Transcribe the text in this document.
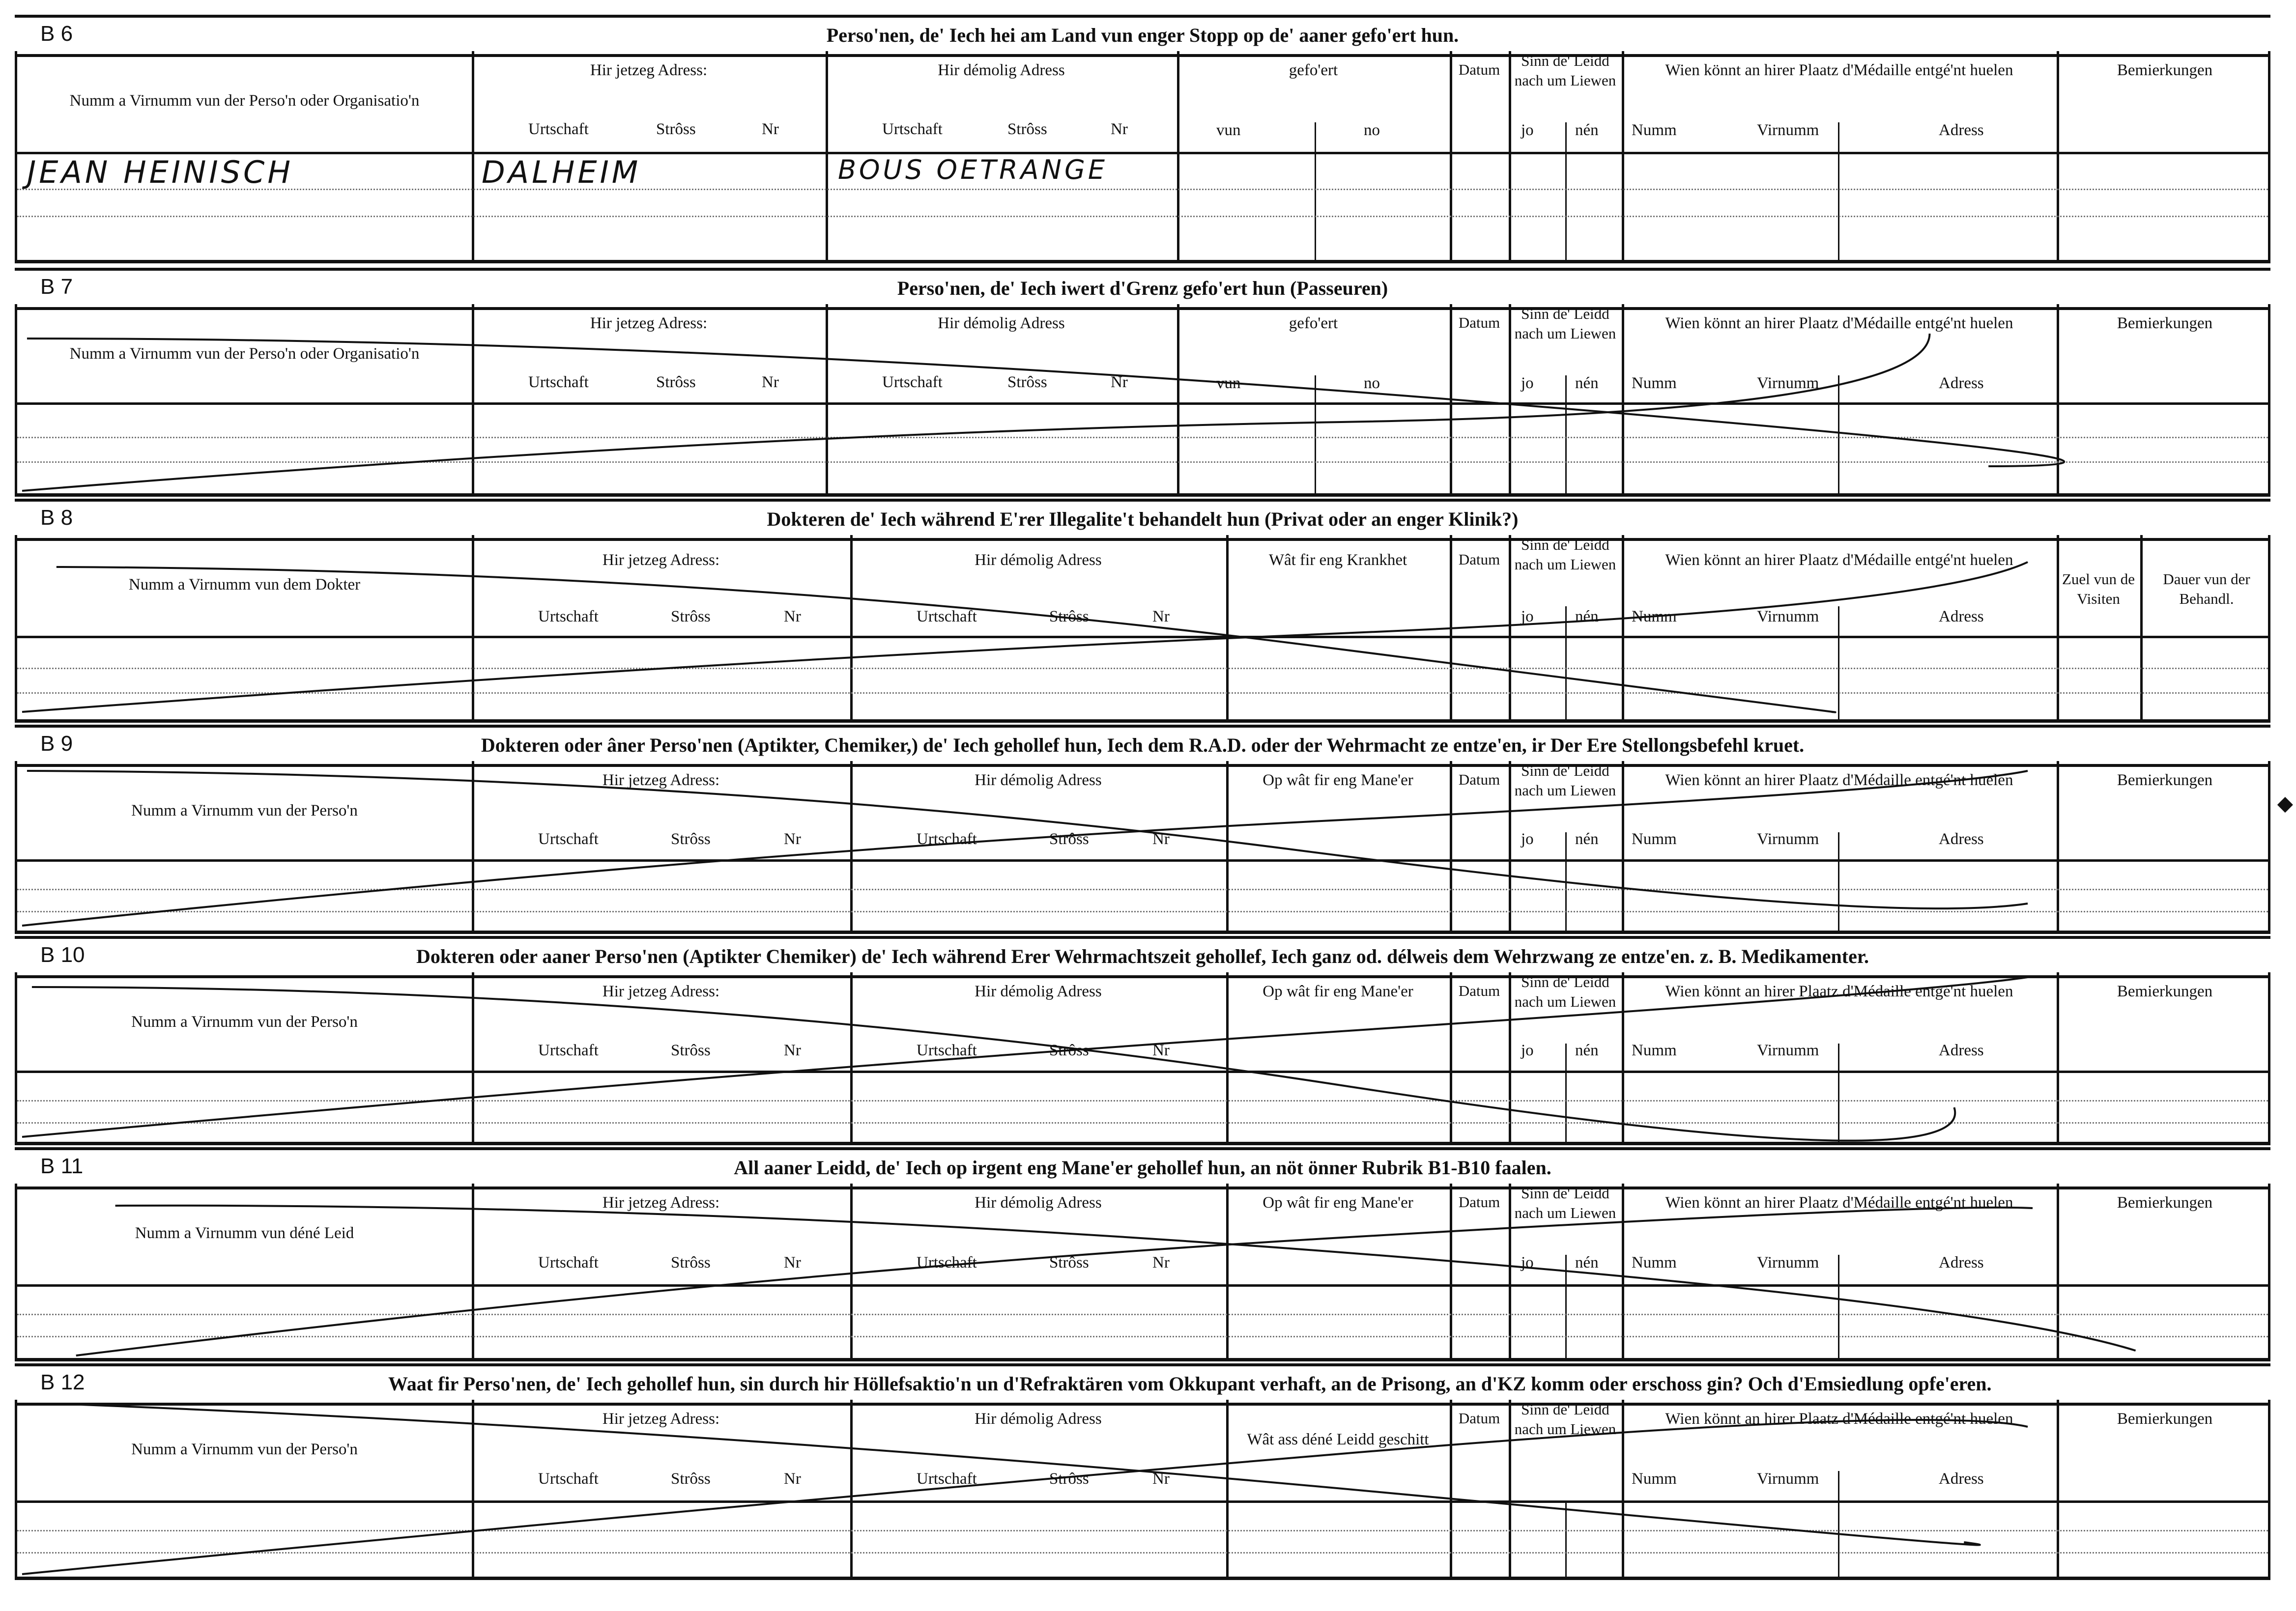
B 6	Perso'nen, de' Iech hei am Land vun enger Stopp op de' aaner gefo'ert hun.
Numm a Virnumm vun der Perso'n oder Organisatio'n
Hir jetzeg Adress:
Urtschaft	Strôss	Nr
Hir démolig Adress
Urtschaft	Strôss	Nr
gefo'ert
vun	no
Datum
Sinn de' Leidd nach um Liewen
jo	nén
Wien könnt an hirer Plaatz d'Médaille entgé'nt huelen
Numm	Virnumm	Adress
Bemierkungen
JEAN HEINISCH	DALHEIM	BOUS OETRANGE
B 7	Perso'nen, de' Iech iwert d'Grenz gefo'ert hun (Passeuren)
Numm a Virnumm vun der Perso'n oder Organisatio'n
Hir jetzeg Adress:
Urtschaft	Strôss	Nr
Hir démolig Adress
Urtschaft	Strôss	Nr
gefo'ert
vun	no
Datum
Sinn de' Leidd nach um Liewen
jo	nén
Wien könnt an hirer Plaatz d'Médaille entgé'nt huelen
Numm	Virnumm	Adress
Bemierkungen
B 8	Dokteren de' Iech während E'rer Illegalite't behandelt hun (Privat oder an enger Klinik?)
Numm a Virnumm vun dem Dokter
Hir jetzeg Adress:
Urtschaft	Strôss	Nr
Hir démolig Adress
Urtschaft	Strôss	Nr
Wât fir eng Krankhet	Datum
Sinn de' Leidd nach um Liewen
jo	nén
Wien könnt an hirer Plaatz d'Médaille entgé'nt huelen
Numm	Virnumm	Adress
Zuel vun de Visiten
Dauer vun der Behandl.
B 9	Dokteren oder âner Perso'nen (Aptikter, Chemiker,) de' Iech gehollef hun, Iech dem R.A.D. oder der Wehrmacht ze entze'en, ir Der Ere Stellongsbefehl kruet.
Numm a Virnumm vun der Perso'n
Hir jetzeg Adress:
Urtschaft	Strôss	Nr
Hir démolig Adress
Urtschaft	Strôss	Nr
Op wât fir eng Mane'er	Datum
Sinn de' Leidd nach um Liewen
jo	nén
Wien könnt an hirer Plaatz d'Médaille entgé'nt huelen
Numm	Virnumm	Adress
Bemierkungen
B 10	Dokteren oder aaner Perso'nen (Aptikter Chemiker) de' Iech während Erer Wehrmachtszeit gehollef, Iech ganz od. délweis dem Wehrzwang ze entze'en. z. B. Medikamenter.
Numm a Virnumm vun der Perso'n
Hir jetzeg Adress:
Urtschaft	Strôss	Nr
Hir démolig Adress
Urtschaft	Strôss	Nr
Op wât fir eng Mane'er	Datum
Sinn de' Leidd nach um Liewen
jo	nén
Wien könnt an hirer Plaatz d'Médaille entgé'nt huelen
Numm	Virnumm	Adress
Bemierkungen
B 11	All aaner Leidd, de' Iech op irgent eng Mane'er gehollef hun, an nöt önner Rubrik B1-B10 faalen.
Numm a Virnumm vun déné Leid
Hir jetzeg Adress:
Urtschaft	Strôss	Nr
Hir démolig Adress
Urtschaft	Strôss	Nr
Op wât fir eng Mane'er	Datum
Sinn de' Leidd nach um Liewen
jo	nén
Wien könnt an hirer Plaatz d'Médaille entgé'nt huelen
Numm	Virnumm	Adress
Bemierkungen
B 12	Waat fir Perso'nen, de' Iech gehollef hun, sin durch hir Höllefsaktio'n un d'Refraktären vom Okkupant verhaft, an de Prisong, an d'KZ komm oder erschoss gin? Och d'Emsiedlung opfe'eren.
Numm a Virnumm vun der Perso'n
Hir jetzeg Adress:
Urtschaft	Strôss	Nr
Hir démolig Adress
Urtschaft	Strôss	Nr
Wât ass déné Leidd geschitt
Datum
Sinn de' Leidd nach um Liewen
Wien könnt an hirer Plaatz d'Médaille entgé'nt huelen
Numm	Virnumm	Adress
Bemierkungen
◆
